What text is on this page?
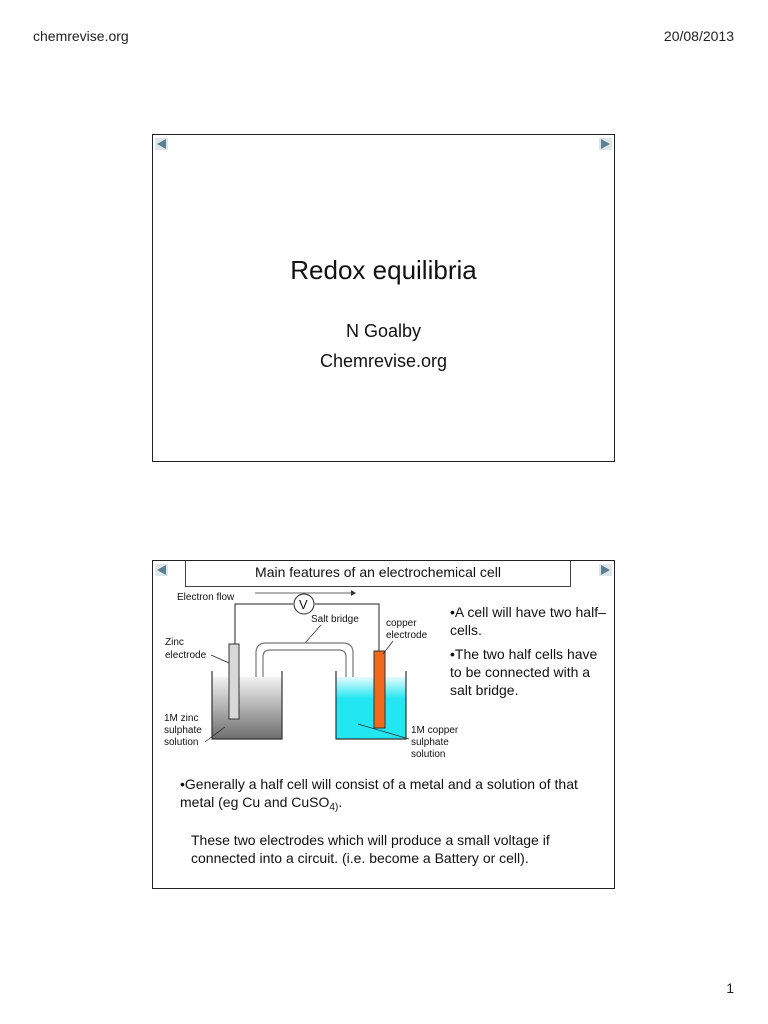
chemrevise.org	20/08/2013
Redox equilibria
N Goalby
Chemrevise.org
Main features of an electrochemical cell
Electron flow	V
Salt bridge
Zinc
electrode
copper
electrode
1M zinc
sulphate
solution
1M copper
sulphate
solution

•A cell will have two half–cells.

•The two half cells have to be connected with a salt bridge.

•Generally a half cell will consist of a metal and a solution of that metal (eg Cu and CuSO$_{4)}$.
These two electrodes which will produce a small voltage if connected into a circuit. (i.e. become a Battery or cell).
1
